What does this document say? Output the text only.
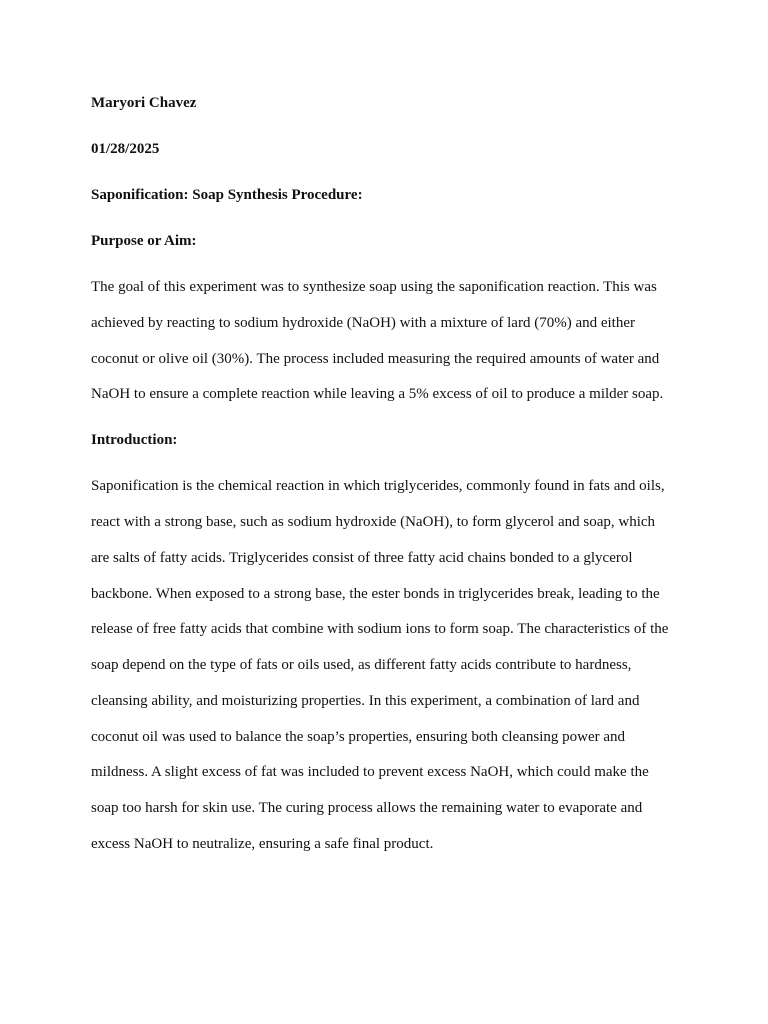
Maryori Chavez

01/28/2025

Saponification: Soap Synthesis Procedure:

Purpose or Aim:

The goal of this experiment was to synthesize soap using the saponification reaction. This was
achieved by reacting to sodium hydroxide (NaOH) with a mixture of lard (70%) and either
coconut or olive oil (30%). The process included measuring the required amounts of water and
NaOH to ensure a complete reaction while leaving a 5% excess of oil to produce a milder soap.

Introduction:

Saponification is the chemical reaction in which triglycerides, commonly found in fats and oils,
react with a strong base, such as sodium hydroxide (NaOH), to form glycerol and soap, which
are salts of fatty acids. Triglycerides consist of three fatty acid chains bonded to a glycerol
backbone. When exposed to a strong base, the ester bonds in triglycerides break, leading to the
release of free fatty acids that combine with sodium ions to form soap. The characteristics of the
soap depend on the type of fats or oils used, as different fatty acids contribute to hardness,
cleansing ability, and moisturizing properties. In this experiment, a combination of lard and
coconut oil was used to balance the soap’s properties, ensuring both cleansing power and
mildness. A slight excess of fat was included to prevent excess NaOH, which could make the
soap too harsh for skin use. The curing process allows the remaining water to evaporate and
excess NaOH to neutralize, ensuring a safe final product.
